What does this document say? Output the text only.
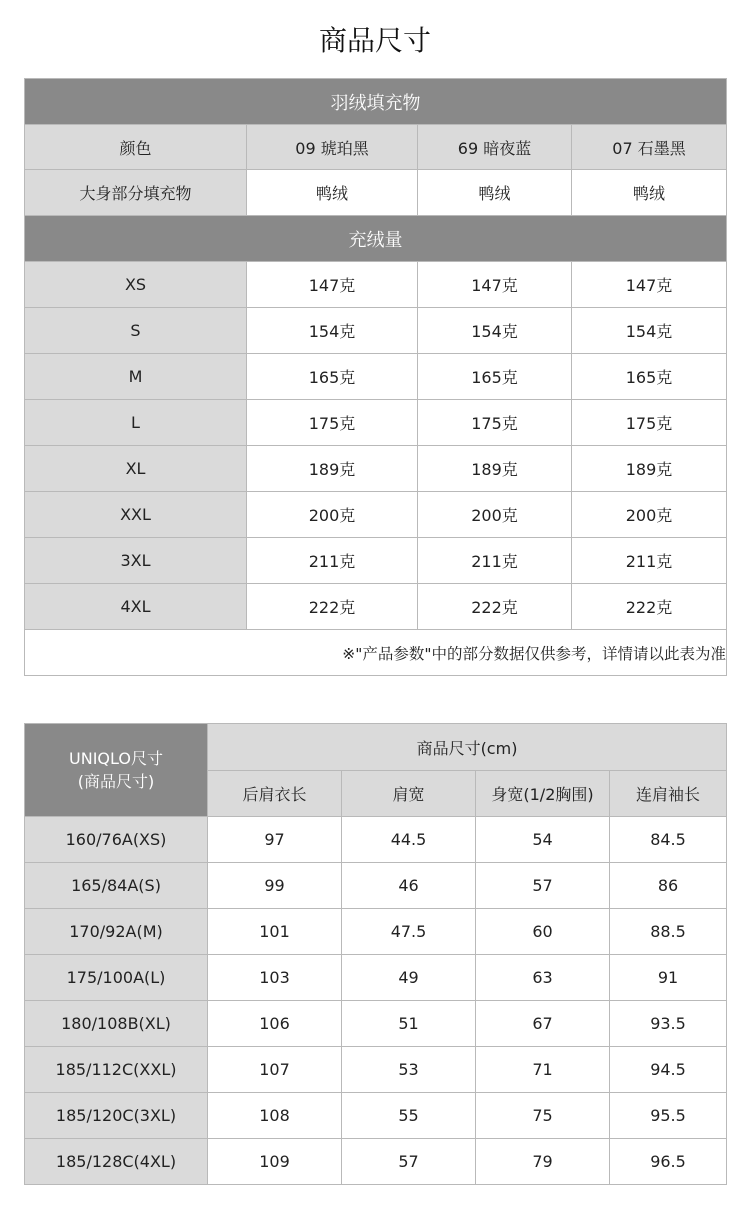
商品尺寸
羽绒填充物			
颜色	09 琥珀黑	69 暗夜蓝	07 石墨黑
大身部分填充物	鸭绒	鸭绒	鸭绒
充绒量			
XS	147克	147克	147克
S	154克	154克	154克
M	165克	165克	165克
L	175克	175克	175克
XL	189克	189克	189克
XXL	200克	200克	200克
3XL	211克	211克	211克
4XL	222克	222克	222克
※"产品参数"中的部分数据仅供参考，详情请以此表为准			
UNIQLO尺寸
(商品尺寸)	商品尺寸(cm)			
	后肩衣长	肩宽	身宽(1/2胸围)	连肩袖长
160/76A(XS)	97	44.5	54	84.5
165/84A(S)	99	46	57	86
170/92A(M)	101	47.5	60	88.5
175/100A(L)	103	49	63	91
180/108B(XL)	106	51	67	93.5
185/112C(XXL)	107	53	71	94.5
185/120C(3XL)	108	55	75	95.5
185/128C(4XL)	109	57	79	96.5
